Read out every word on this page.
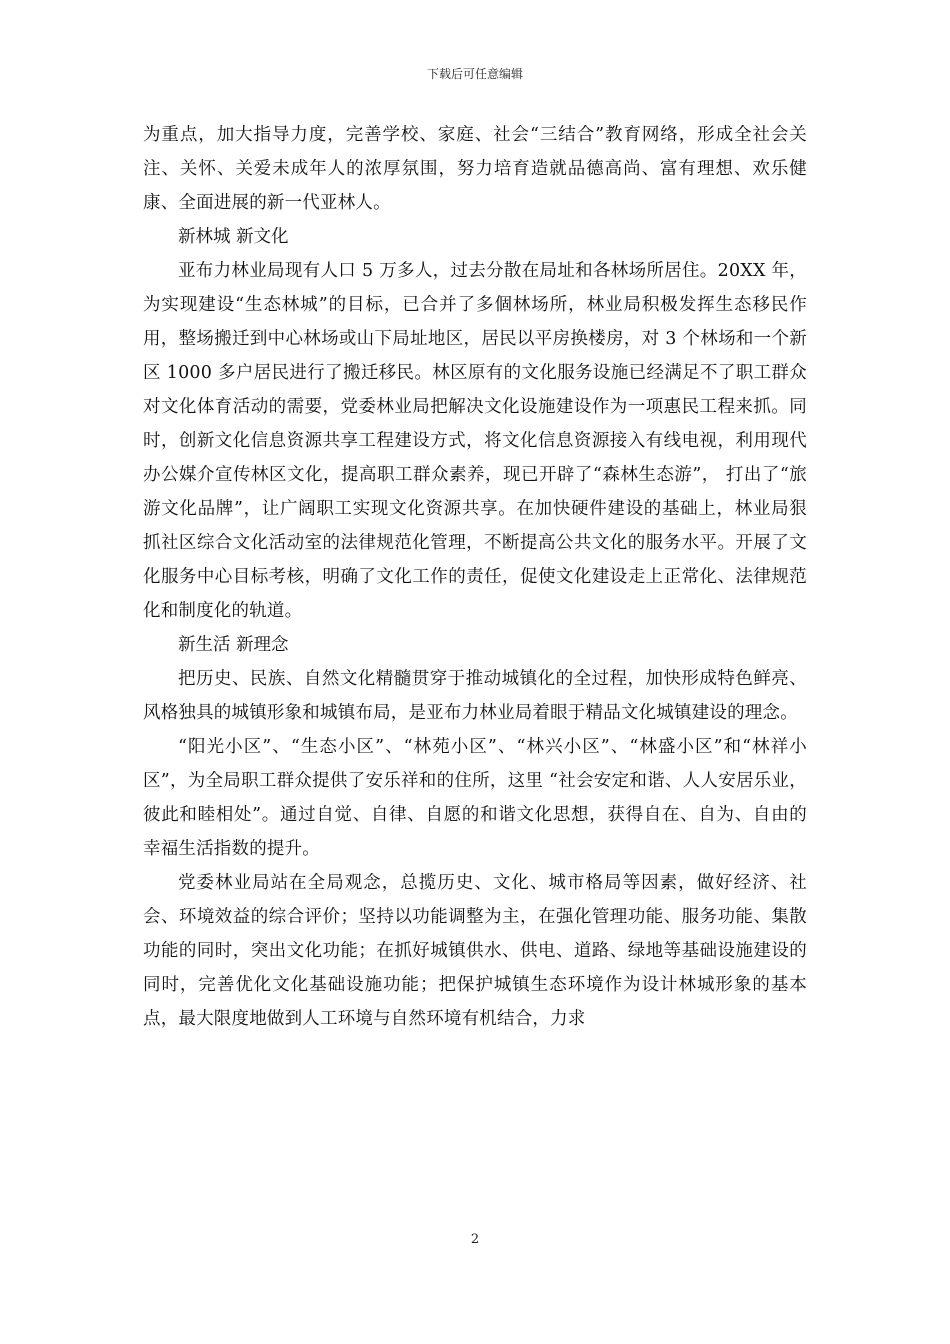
下载后可任意编辑

为重点，加大指导力度，完善学校、家庭、社会“三结合”教育网络，形成全社会关注、关怀、关爱未成年人的浓厚氛围，努力培育造就品德高尚、富有理想、欢乐健康、全面进展的新一代亚林人。

新林城 新文化

亚布力林业局现有人口 5 万多人，过去分散在局址和各林场所居住。20XX 年，为实现建设“生态林城”的目标，已合并了多個林场所，林业局积极发挥生态移民作用，整场搬迁到中心林场或山下局址地区，居民以平房换楼房，对 3 个林场和一个新区 1000 多户居民进行了搬迁移民。林区原有的文化服务设施已经满足不了职工群众对文化体育活动的需要，党委林业局把解决文化设施建设作为一项惠民工程来抓。同时，创新文化信息资源共享工程建设方式，将文化信息资源接入有线电视，利用现代办公媒介宣传林区文化，提高职工群众素养，现已开辟了“森林生态游”， 打出了“旅游文化品牌”，让广阔职工实现文化资源共享。在加快硬件建设的基础上，林业局狠抓社区综合文化活动室的法律规范化管理，不断提高公共文化的服务水平。开展了文化服务中心目标考核，明确了文化工作的责任，促使文化建设走上正常化、法律规范化和制度化的轨道。

新生活 新理念

把历史、民族、自然文化精髓贯穿于推动城镇化的全过程，加快形成特色鲜亮、风格独具的城镇形象和城镇布局，是亚布力林业局着眼于精品文化城镇建设的理念。

“阳光小区”、“生态小区”、“林苑小区”、“林兴小区”、“林盛小区”和“林祥小区”，为全局职工群众提供了安乐祥和的住所，这里 “社会安定和谐、人人安居乐业，彼此和睦相处”。通过自觉、自律、自愿的和谐文化思想，获得自在、自为、自由的幸福生活指数的提升。

党委林业局站在全局观念，总揽历史、文化、城市格局等因素，做好经济、社会、环境效益的综合评价；坚持以功能调整为主，在强化管理功能、服务功能、集散功能的同时，突出文化功能；在抓好城镇供水、供电、道路、绿地等基础设施建设的同时，完善优化文化基础设施功能；把保护城镇生态环境作为设计林城形象的基本点，最大限度地做到人工环境与自然环境有机结合，力求

2
